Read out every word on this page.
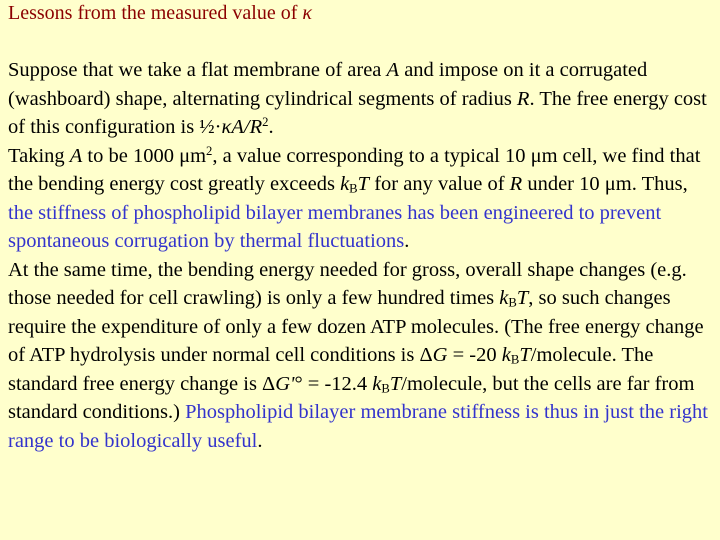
Lessons from the measured value of κ

Suppose that we take a flat membrane of area A and impose on it a corrugated (washboard) shape, alternating cylindrical segments of radius R. The free energy cost of this configuration is $\frac{1}{2}\cdot\kappa A/R^2$.

Taking A to be 1000 $\mu m^2$, a value corresponding to a typical 10 μm cell, we find that the bending energy cost greatly exceeds $k_BT$ for any value of R under 10 μm. Thus, the stiffness of phospholipid bilayer membranes has been engineered to prevent spontaneous corrugation by thermal fluctuations.

At the same time, the bending energy needed for gross, overall shape changes (e.g. those needed for cell crawling) is only a few hundred times $k_BT$, so such changes require the expenditure of only a few dozen ATP molecules. (The free energy change of ATP hydrolysis under normal cell conditions is ΔG = -20 $k_BT$/molecule. The standard free energy change is ΔG'° = -12.4 $k_BT$/molecule, but the cells are far from standard conditions.) Phospholipid bilayer membrane stiffness is thus in just the right range to be biologically useful.
